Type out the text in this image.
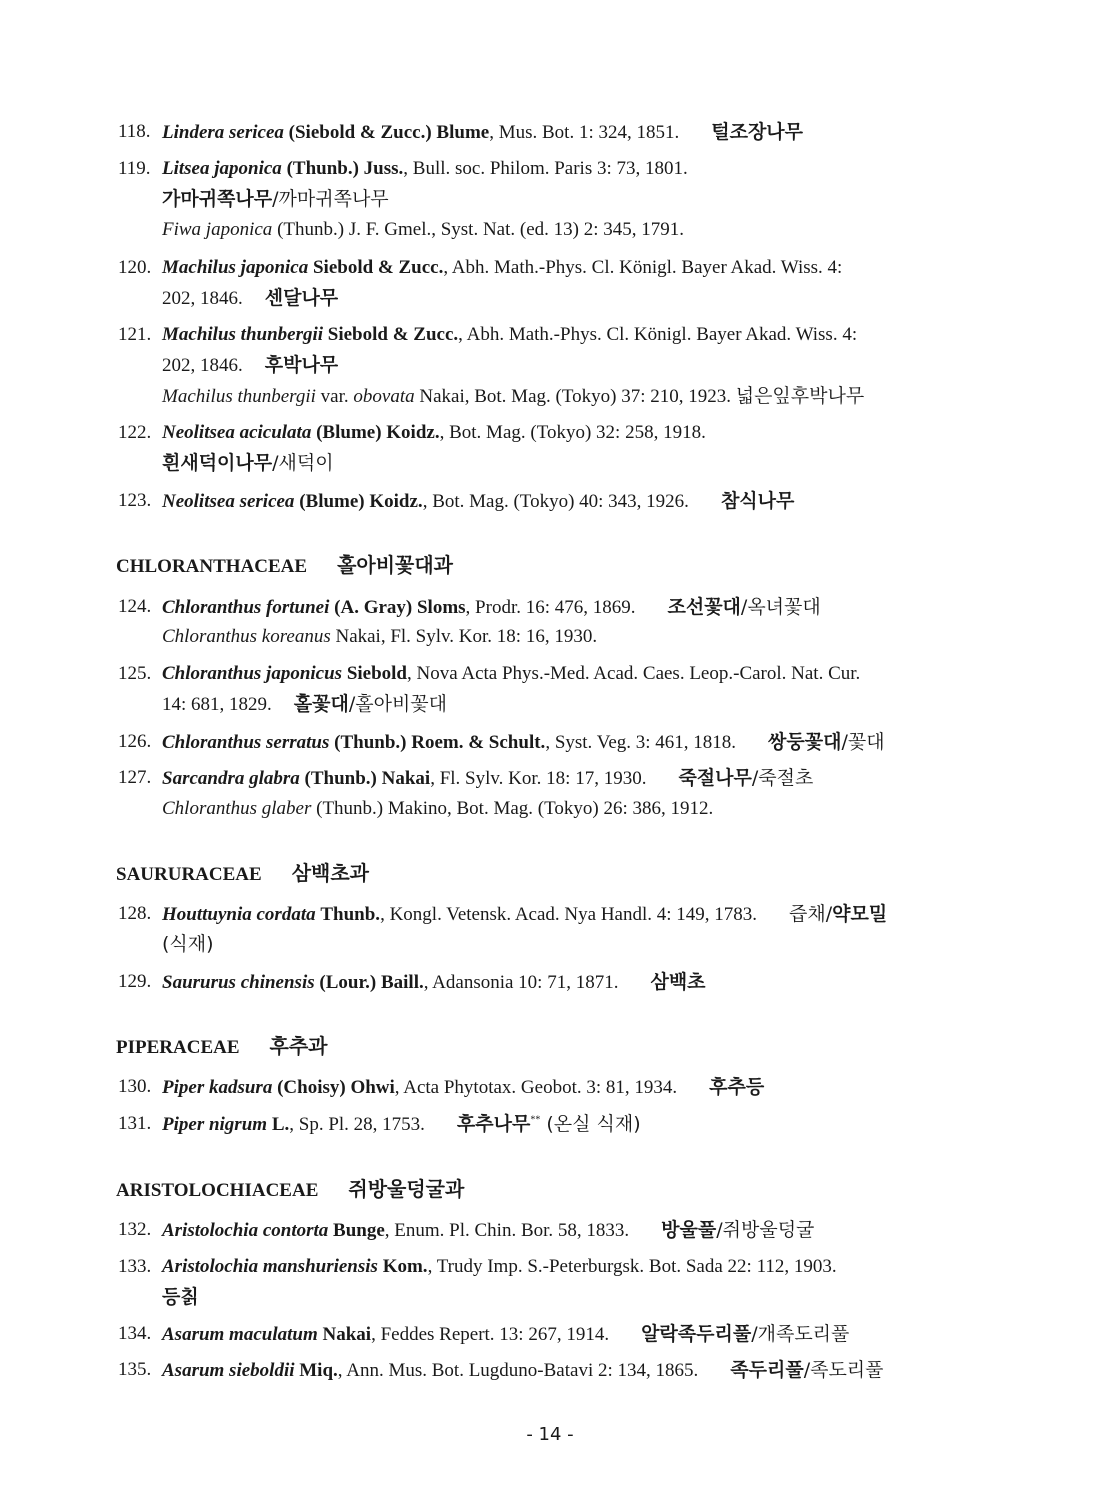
118. Lindera sericea (Siebold & Zucc.) Blume, Mus. Bot. 1: 324, 1851. 털조장나무
119. Litsea japonica (Thunb.) Juss., Bull. soc. Philom. Paris 3: 73, 1801.
가마귀쪽나무/까마귀쪽나무
Fiwa japonica (Thunb.) J. F. Gmel., Syst. Nat. (ed. 13) 2: 345, 1791.
120. Machilus japonica Siebold & Zucc., Abh. Math.-Phys. Cl. Königl. Bayer Akad. Wiss. 4:
202, 1846. 센달나무
121. Machilus thunbergii Siebold & Zucc., Abh. Math.-Phys. Cl. Königl. Bayer Akad. Wiss. 4:
202, 1846. 후박나무
Machilus thunbergii var. obovata Nakai, Bot. Mag. (Tokyo) 37: 210, 1923. 넓은잎후박나무
122. Neolitsea aciculata (Blume) Koidz., Bot. Mag. (Tokyo) 32: 258, 1918.
흰새덕이나무/새덕이
123. Neolitsea sericea (Blume) Koidz., Bot. Mag. (Tokyo) 40: 343, 1926. 참식나무
CHLORANTHACEAE 홀아비꽃대과
124. Chloranthus fortunei (A. Gray) Sloms, Prodr. 16: 476, 1869. 조선꽃대/옥녀꽃대
Chloranthus koreanus Nakai, Fl. Sylv. Kor. 18: 16, 1930.
125. Chloranthus japonicus Siebold, Nova Acta Phys.-Med. Acad. Caes. Leop.-Carol. Nat. Cur.
14: 681, 1829. 홀꽃대/홀아비꽃대
126. Chloranthus serratus (Thunb.) Roem. & Schult., Syst. Veg. 3: 461, 1818. 쌍둥꽃대/꽃대
127. Sarcandra glabra (Thunb.) Nakai, Fl. Sylv. Kor. 18: 17, 1930. 죽절나무/죽절초
Chloranthus glaber (Thunb.) Makino, Bot. Mag. (Tokyo) 26: 386, 1912.
SAURURACEAE 삼백초과
128. Houttuynia cordata Thunb., Kongl. Vetensk. Acad. Nya Handl. 4: 149, 1783. 즙채/약모밀
(식재)
129. Saururus chinensis (Lour.) Baill., Adansonia 10: 71, 1871. 삼백초
PIPERACEAE 후추과
130. Piper kadsura (Choisy) Ohwi, Acta Phytotax. Geobot. 3: 81, 1934. 후추등
131. Piper nigrum L., Sp. Pl. 28, 1753. 후추나무** (온실 식재)
ARISTOLOCHIACEAE 쥐방울덩굴과
132. Aristolochia contorta Bunge, Enum. Pl. Chin. Bor. 58, 1833. 방울풀/쥐방울덩굴
133. Aristolochia manshuriensis Kom., Trudy Imp. S.-Peterburgsk. Bot. Sada 22: 112, 1903.
등칡
134. Asarum maculatum Nakai, Feddes Repert. 13: 267, 1914. 알락족두리풀/개족도리풀
135. Asarum sieboldii Miq., Ann. Mus. Bot. Lugduno-Batavi 2: 134, 1865. 족두리풀/족도리풀
- 14 -
